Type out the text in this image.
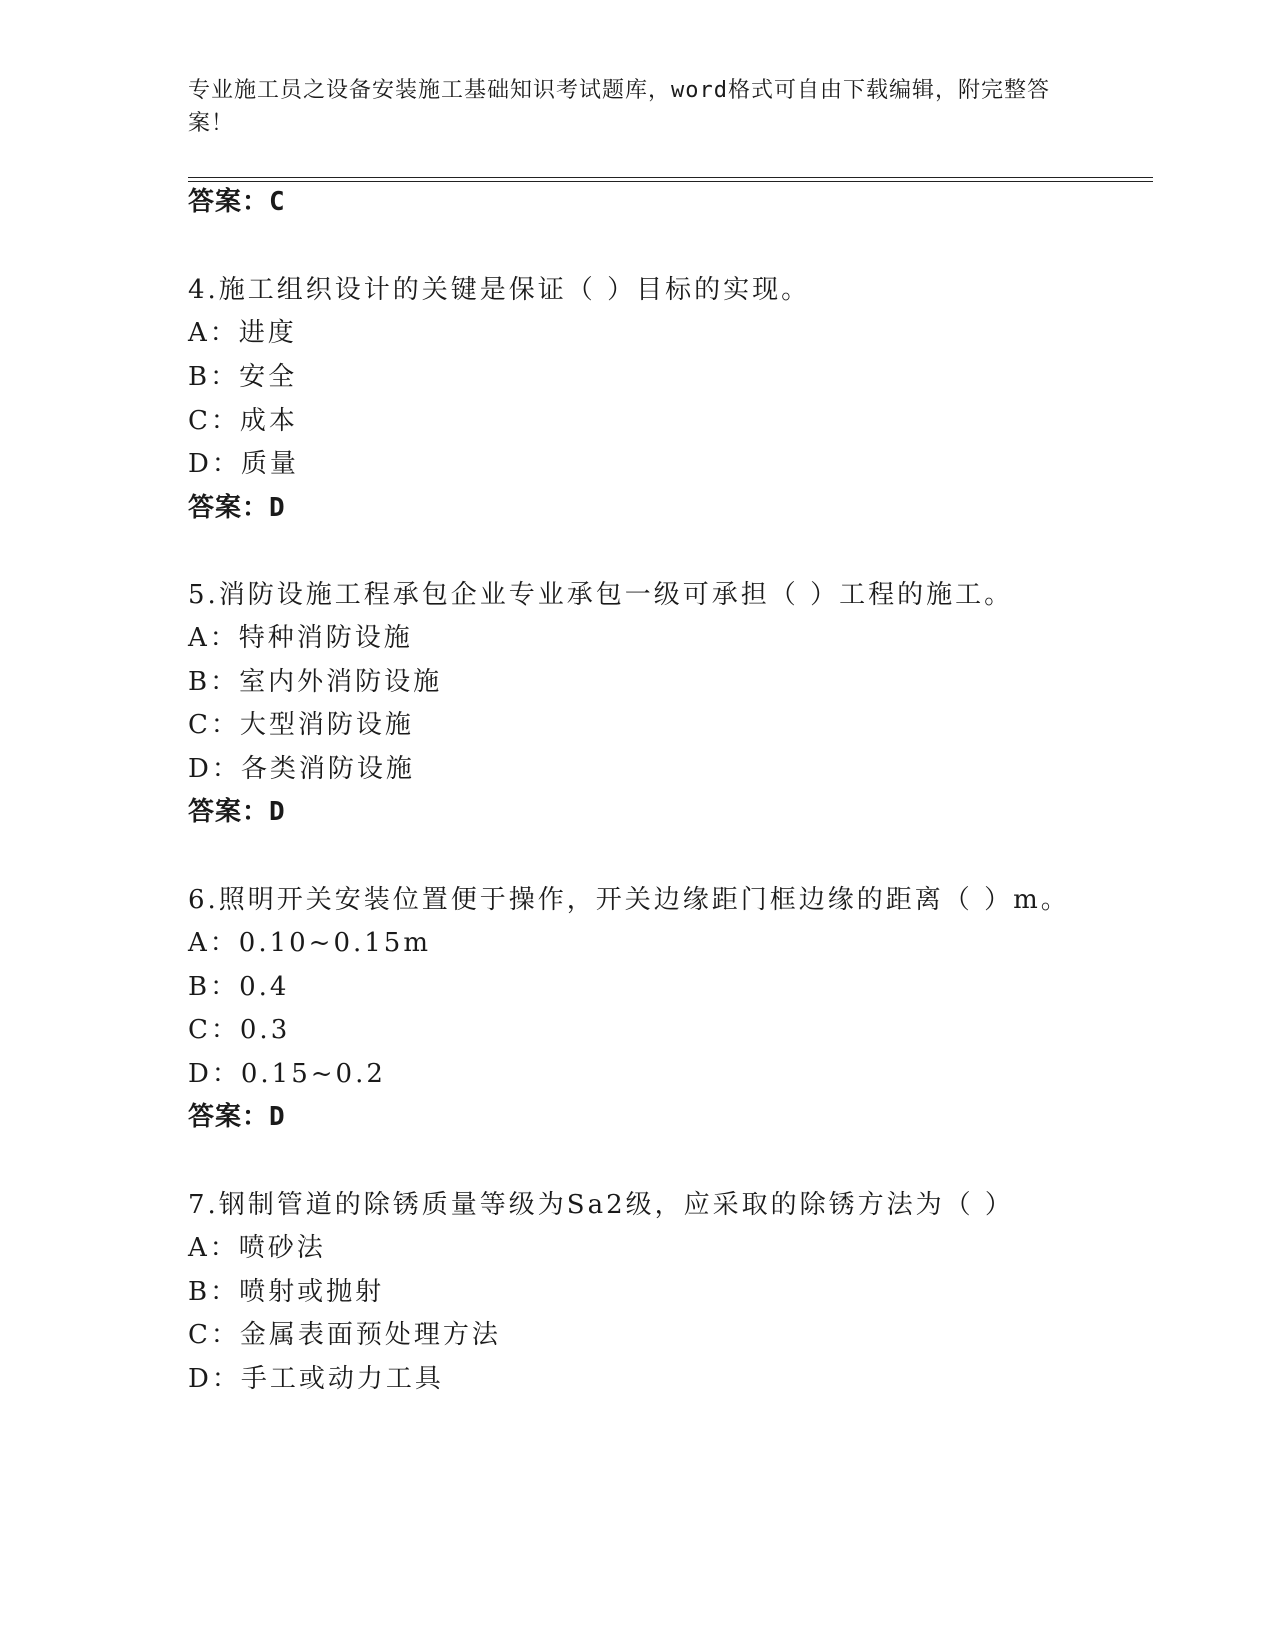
专业施工员之设备安装施工基础知识考试题库，word格式可自由下载编辑，附完整答案！
答案：C
4.施工组织设计的关键是保证（ ）目标的实现。
A：进度
B：安全
C：成本
D：质量
答案：D
5.消防设施工程承包企业专业承包一级可承担（ ）工程的施工。
A：特种消防设施
B：室内外消防设施
C：大型消防设施
D：各类消防设施
答案：D
6.照明开关安装位置便于操作，开关边缘距门框边缘的距离（ ）m。
A：0.10~0.15m
B：0.4
C：0.3
D：0.15~0.2
答案：D
7.钢制管道的除锈质量等级为Sa2级，应采取的除锈方法为（ ）
A：喷砂法
B：喷射或抛射
C：金属表面预处理方法
D：手工或动力工具
